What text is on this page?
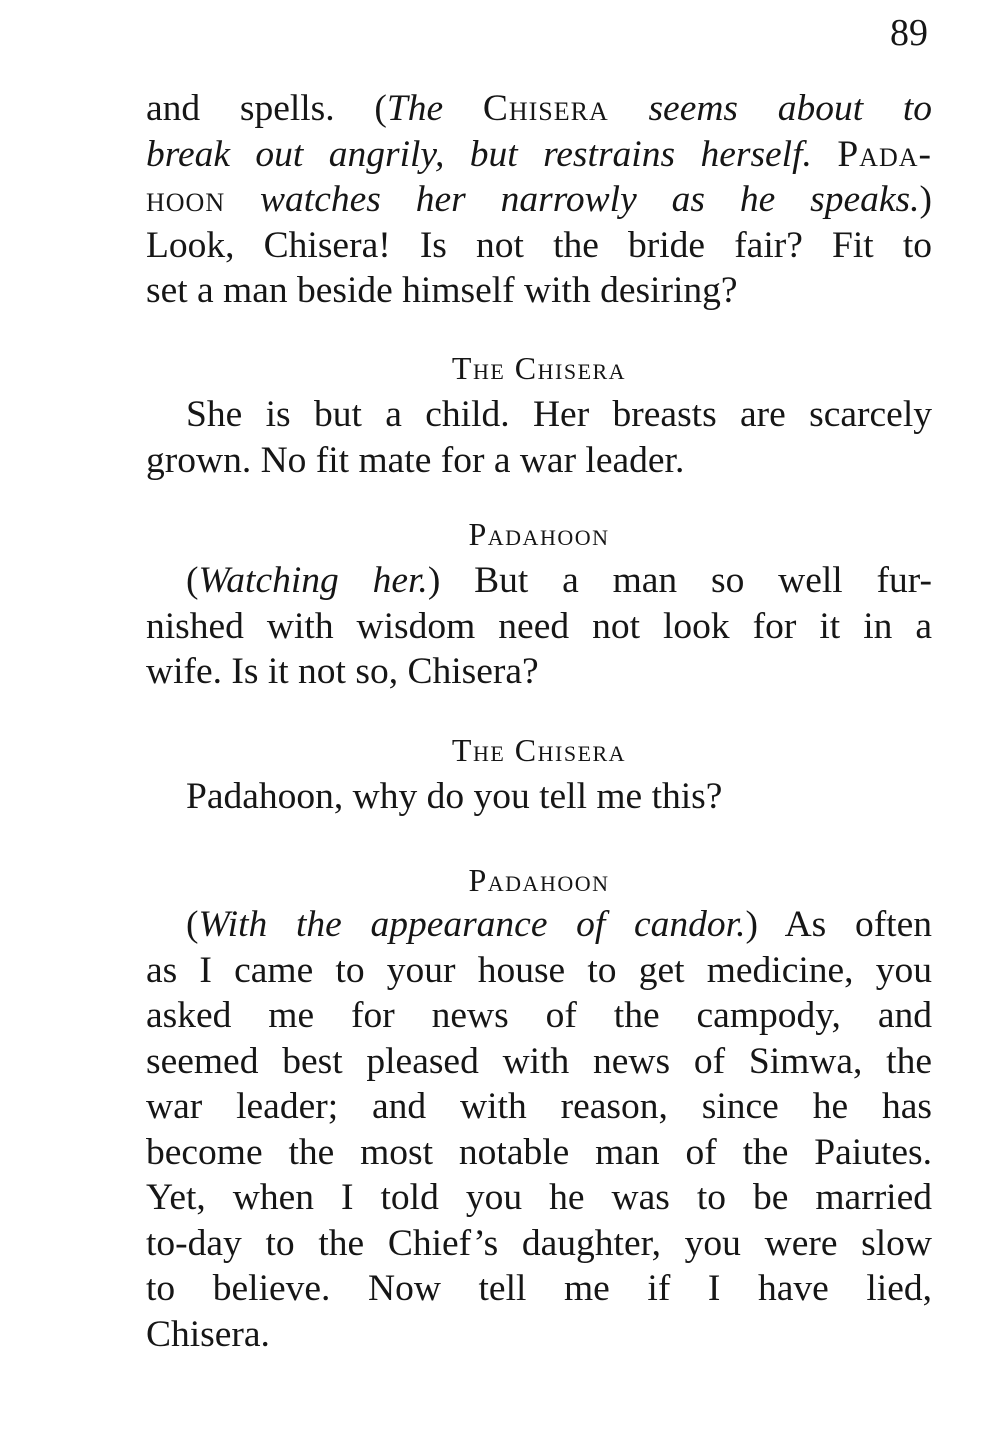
89
and spells. (The Chisera seems about to
break out angrily, but restrains herself. Pada-
hoon watches her narrowly as he speaks.)
Look, Chisera! Is not the bride fair? Fit to
set a man beside himself with desiring?
The Chisera
She is but a child. Her breasts are scarcely
grown. No fit mate for a war leader.
Padahoon
(Watching her.) But a man so well fur-
nished with wisdom need not look for it in a
wife. Is it not so, Chisera?
The Chisera
Padahoon, why do you tell me this?
Padahoon
(With the appearance of candor.) As often
as I came to your house to get medicine, you
asked me for news of the campody, and
seemed best pleased with news of Simwa, the
war leader; and with reason, since he has
become the most notable man of the Paiutes.
Yet, when I told you he was to be married
to-day to the Chief’s daughter, you were slow
to believe. Now tell me if I have lied,
Chisera.
